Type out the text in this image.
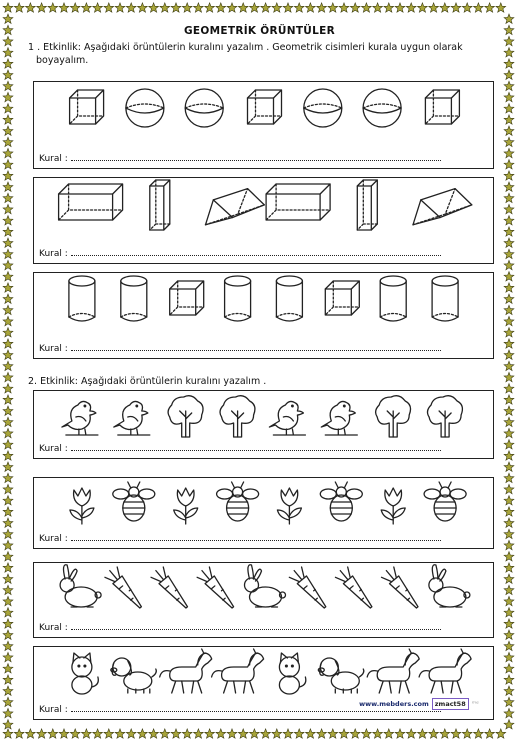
GEOMETRİK ÖRÜNTÜLER
1 . Etkinlik: Aşağıdaki örüntülerin kuralını yazalım . Geometrik cisimleri kurala uygun olarak
boyayalım.
2. Etkinlik: Aşağıdaki örüntülerin kuralını yazalım .
Kural :
Kural :
Kural :
Kural :
Kural :
Kural :
Kural :
www.mebders.com zmact58 ᵐᵉ
